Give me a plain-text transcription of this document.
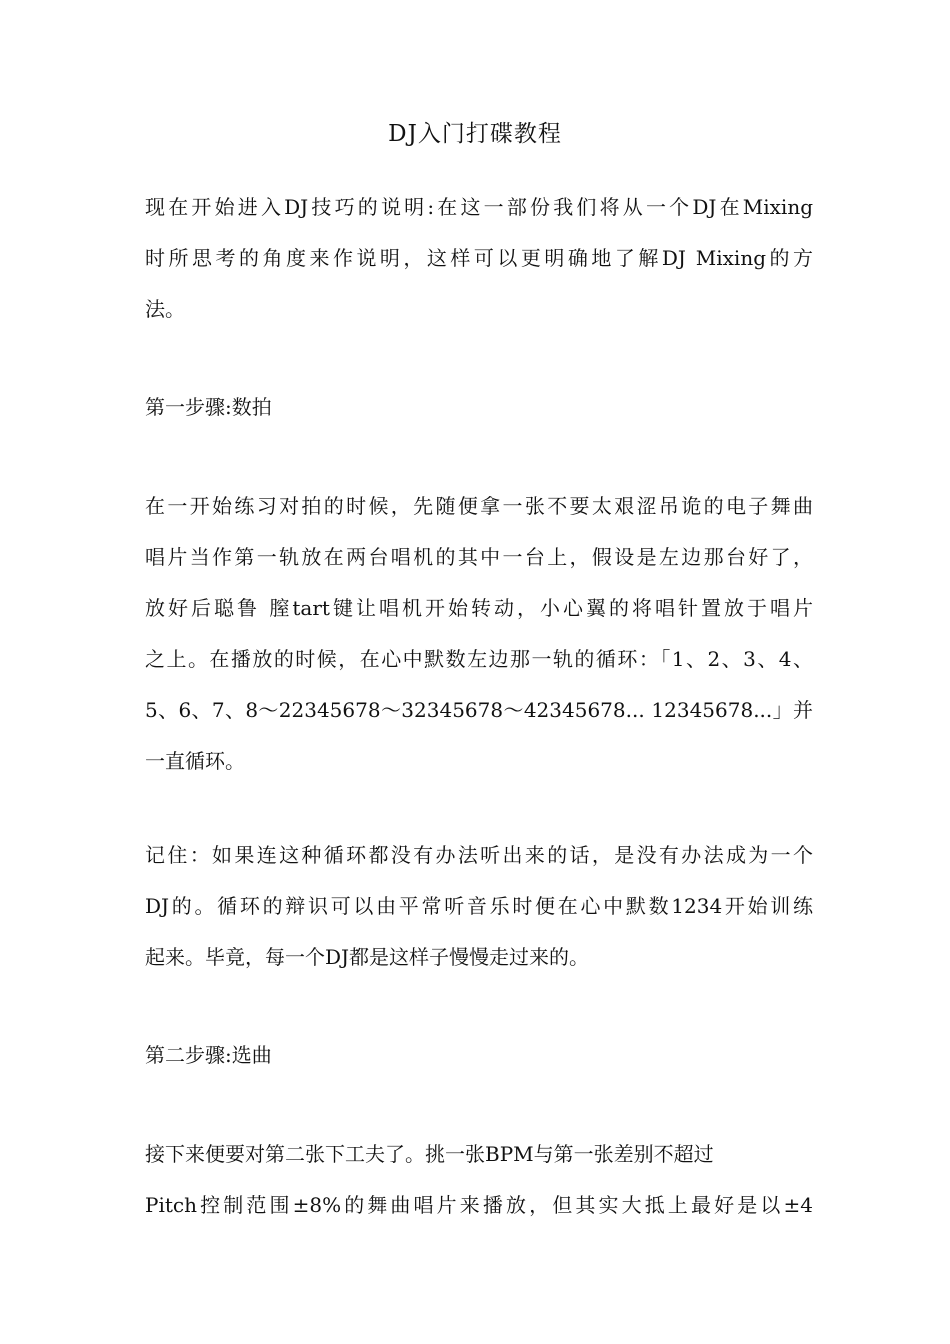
DJ入门打碟教程
现在开始进入DJ技巧的说明:在这一部份我们将从一个DJ在Mixing
时所思考的角度来作说明，这样可以更明确地了解DJ Mixing的方
法。
第一步骤:数拍
在一开始练习对拍的时候，先随便拿一张不要太艰涩吊诡的电子舞曲
唱片当作第一轨放在两台唱机的其中一台上，假设是左边那台好了，
放好后聪鲁 膣tart键让唱机开始转动，小心翼的将唱针置放于唱片
之上。在播放的时候，在心中默数左边那一轨的循环：「1、2、3、4、
5、6、7、8～22345678～32345678～42345678... 12345678...」并
一直循环。
记住：如果连这种循环都没有办法听出来的话，是没有办法成为一个
DJ的。循环的辩识可以由平常听音乐时便在心中默数1234开始训练
起来。毕竟，每一个DJ都是这样子慢慢走过来的。
第二步骤:选曲
接下来便要对第二张下工夫了。挑一张BPM与第一张差别不超过
Pitch控制范围±8%的舞曲唱片来播放，但其实大抵上最好是以±4
